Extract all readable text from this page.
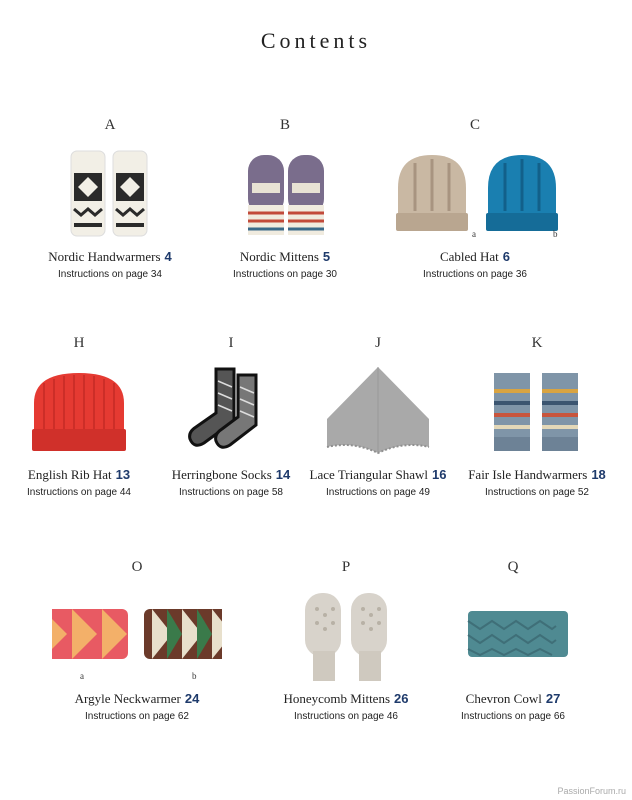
Contents
A
Nordic Handwarmers 4
Instructions on page 34
B
Nordic Mittens 5
Instructions on page 30
C
a	b
Cabled Hat 6
Instructions on page 36
H
English Rib Hat 13
Instructions on page 44
I
Herringbone Socks 14
Instructions on page 58
J
Lace Triangular Shawl 16
Instructions on page 49
K
Fair Isle Handwarmers 18
Instructions on page 52
O
a	b
Argyle Neckwarmer 24
Instructions on page 62
P
Honeycomb Mittens 26
Instructions on page 46
Q
Chevron Cowl 27
Instructions on page 66
PassionForum.ru
